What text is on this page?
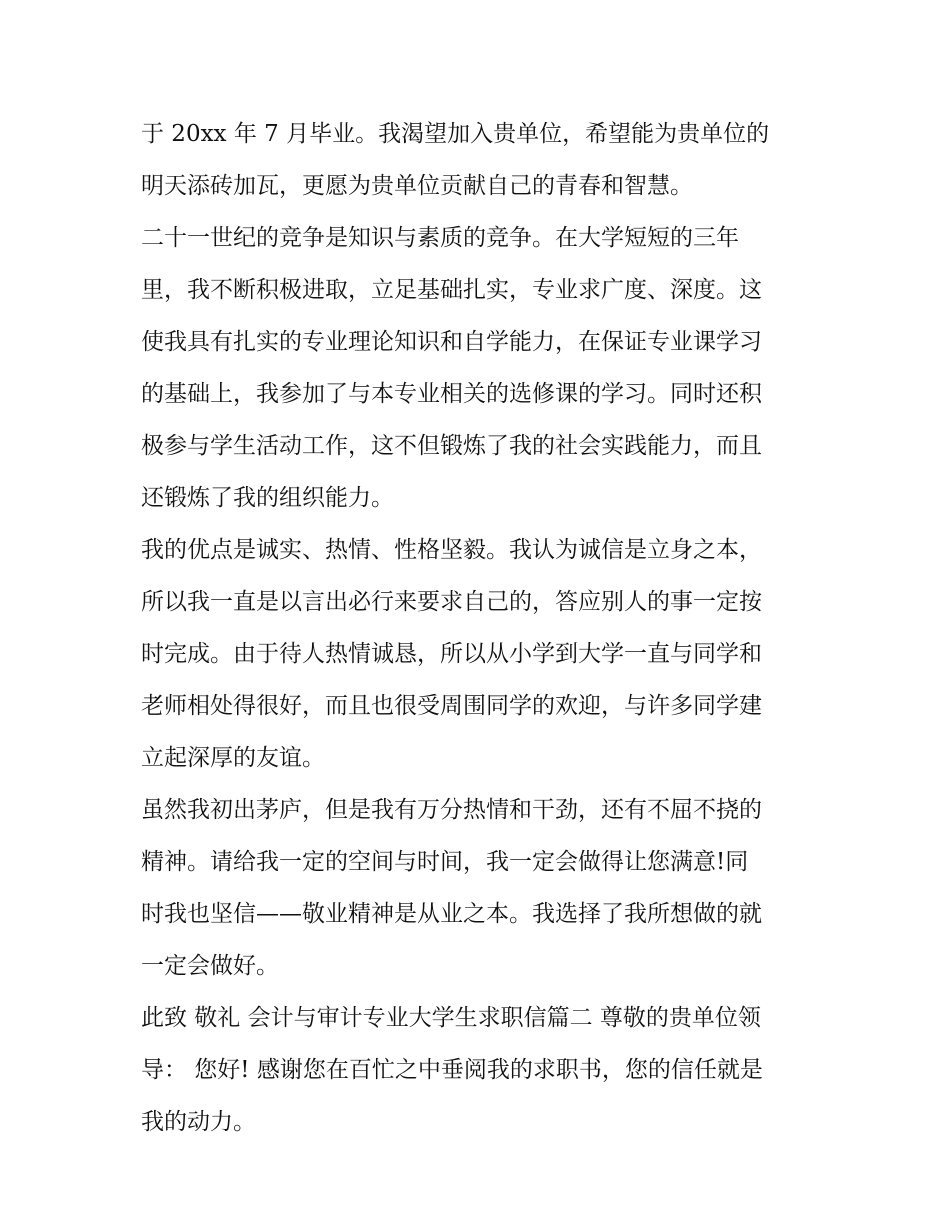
于 20xx 年 7 月毕业。我渴望加入贵单位，希望能为贵单位的
明天添砖加瓦，更愿为贵单位贡献自己的青春和智慧。
二十一世纪的竞争是知识与素质的竞争。在大学短短的三年
里，我不断积极进取，立足基础扎实，专业求广度、深度。这
使我具有扎实的专业理论知识和自学能力，在保证专业课学习
的基础上，我参加了与本专业相关的选修课的学习。同时还积
极参与学生活动工作，这不但锻炼了我的社会实践能力，而且
还锻炼了我的组织能力。
我的优点是诚实、热情、性格坚毅。我认为诚信是立身之本，
所以我一直是以言出必行来要求自己的，答应别人的事一定按
时完成。由于待人热情诚恳，所以从小学到大学一直与同学和
老师相处得很好，而且也很受周围同学的欢迎，与许多同学建
立起深厚的友谊。
虽然我初出茅庐，但是我有万分热情和干劲，还有不屈不挠的
精神。请给我一定的空间与时间，我一定会做得让您满意!同
时我也坚信——敬业精神是从业之本。我选择了我所想做的就
一定会做好。
此致 敬礼 会计与审计专业大学生求职信篇二 尊敬的贵单位领
导： 您好! 感谢您在百忙之中垂阅我的求职书，您的信任就是
我的动力。
